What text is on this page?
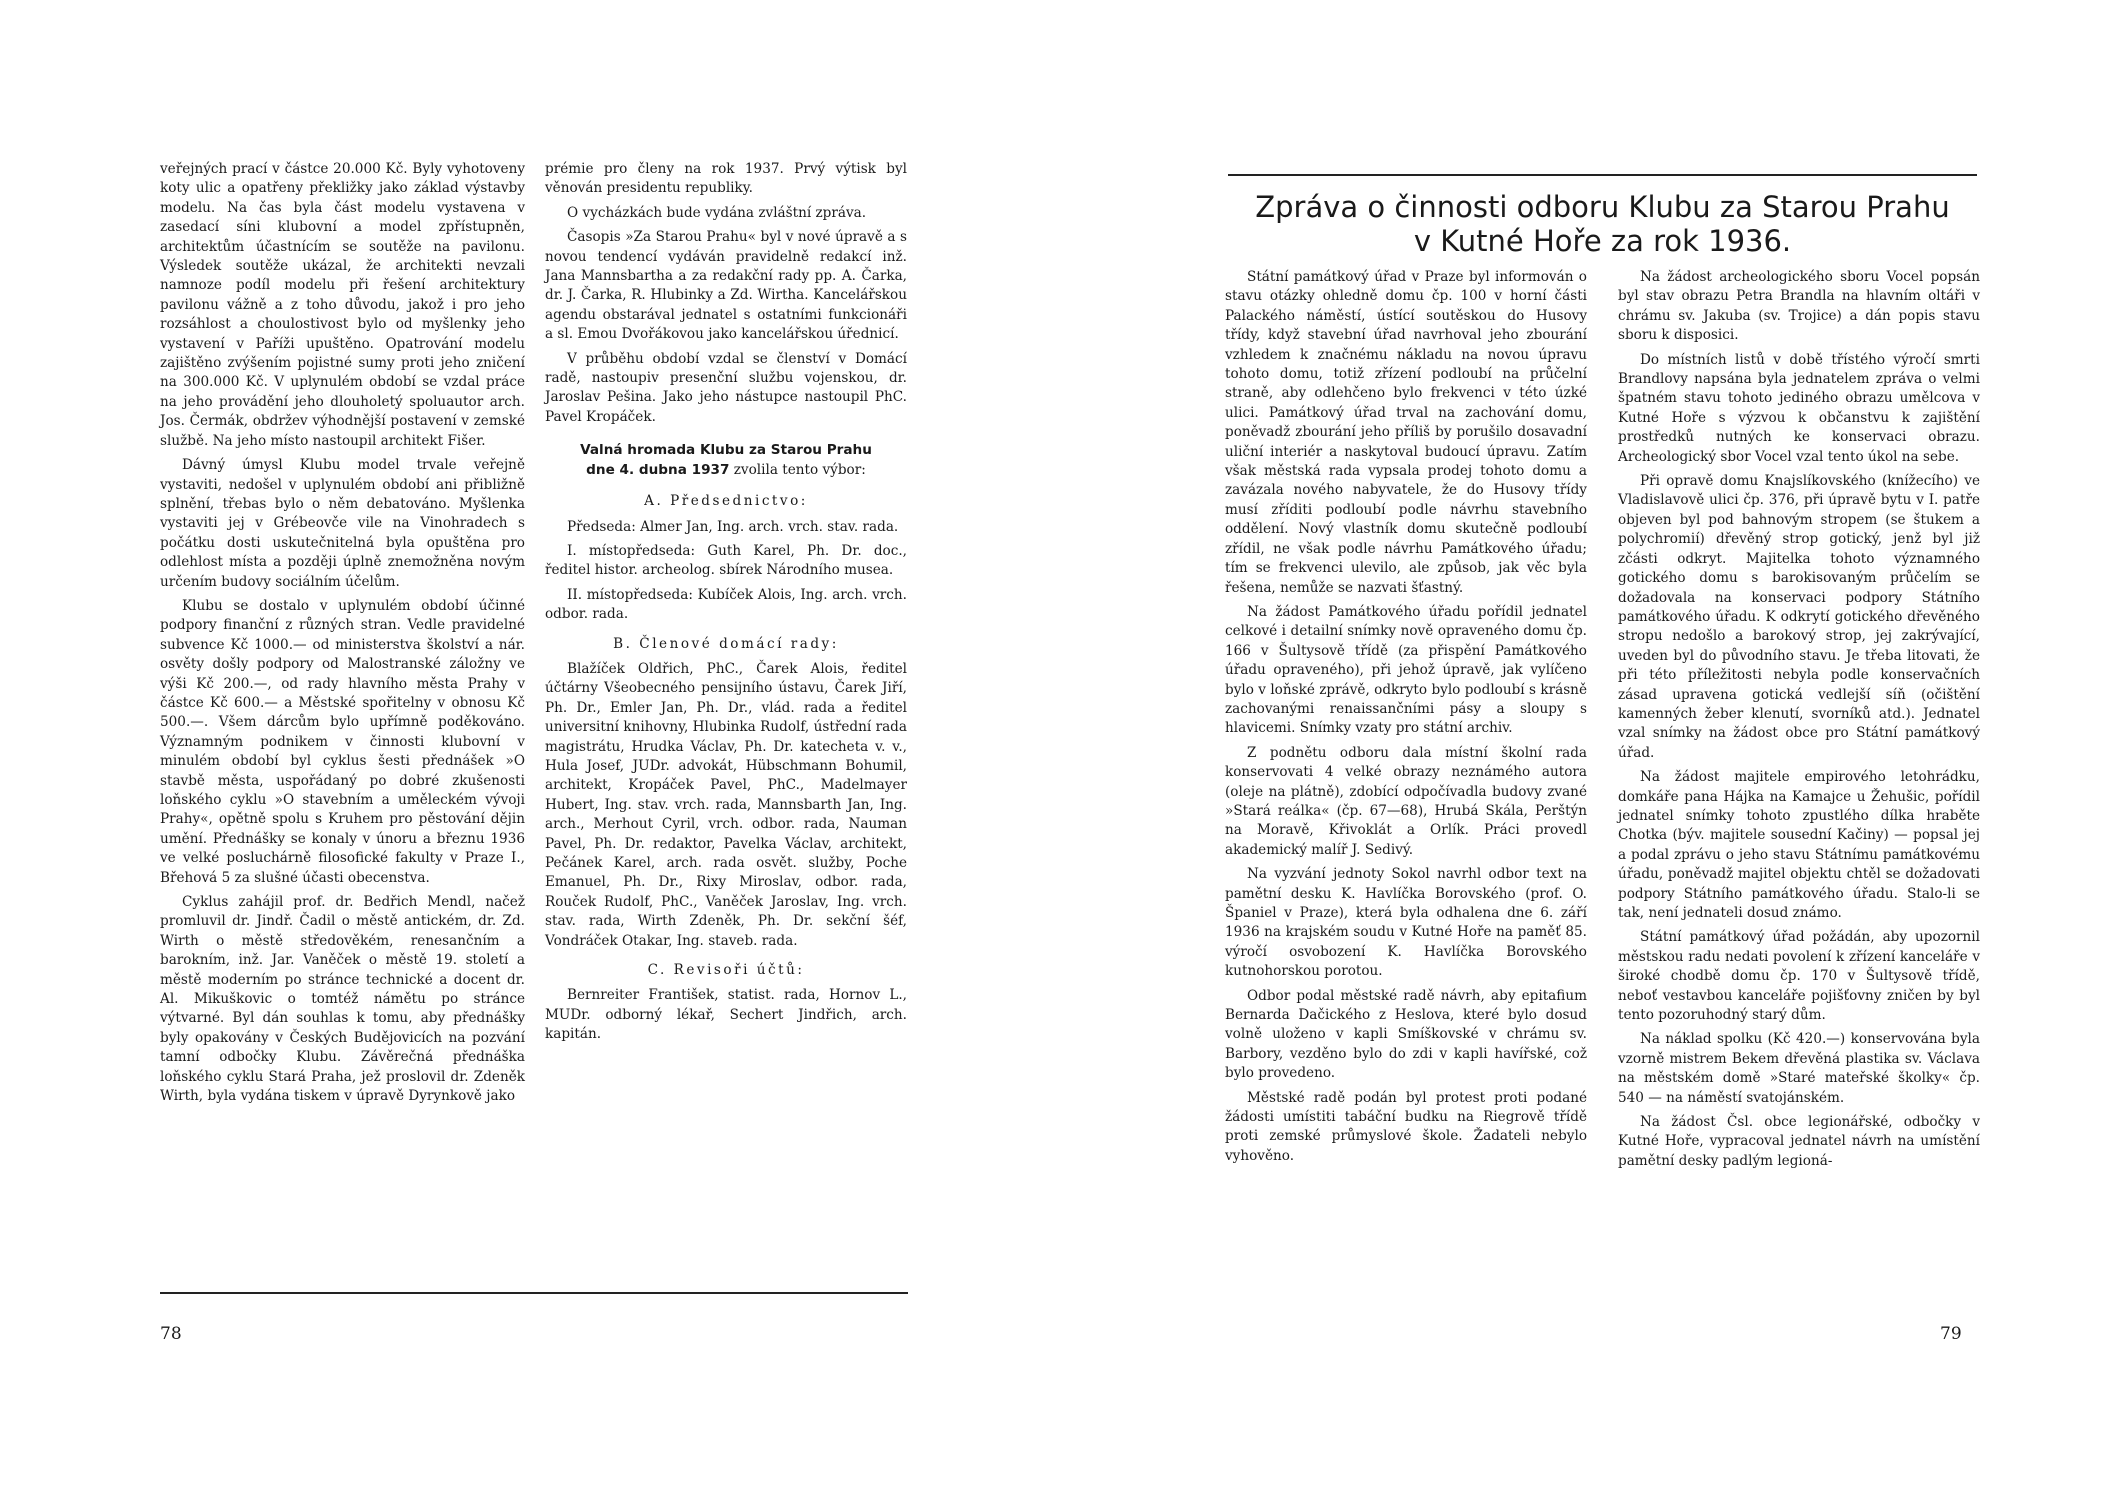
veřejných prací v částce 20.000 Kč. Byly vyhotoveny koty ulic a opatřeny překližky jako základ výstavby modelu. Na čas byla část modelu vystavena v zasedací síni klubovní a model zpřístupněn, architektům účastnícím se soutěže na pavilonu. Výsledek soutěže ukázal, že architekti nevzali namnoze podíl modelu při řešení architektury pavilonu vážně a z toho důvodu, jakož i pro jeho rozsáhlost a choulostivost bylo od myšlenky jeho vystavení v Paříži upuštěno. Opatrování modelu zajištěno zvýšením pojistné sumy proti jeho zničení na 300.000 Kč. V uplynulém období se vzdal práce na jeho provádění jeho dlouholetý spoluautor arch. Jos. Čermák, obdržev výhodnější postavení v zemské službě. Na jeho místo nastoupil architekt Fišer.

Dávný úmysl Klubu model trvale veřejně vystaviti, nedošel v uplynulém období ani přibližně splnění, třebas bylo o něm debatováno. Myšlenka vystaviti jej v Grébeovče vile na Vinohradech s počátku dosti uskutečnitelná byla opuštěna pro odlehlost místa a později úplně znemožněna novým určením budovy sociálním účelům.

Klubu se dostalo v uplynulém období účinné podpory finanční z různých stran. Vedle pravidelné subvence Kč 1000.— od ministerstva školství a nár. osvěty došly podpory od Malostranské záložny ve výši Kč 200.—, od rady hlavního města Prahy v částce Kč 600.— a Městské spořitelny v obnosu Kč 500.—. Všem dárcům bylo upřímně poděkováno. Významným podnikem v činnosti klubovní v minulém období byl cyklus šesti přednášek »O stavbě města, uspořádaný po dobré zkušenosti loňského cyklu »O stavebním a uměleckém vývoji Prahy«, opětně spolu s Kruhem pro pěstování dějin umění. Přednášky se konaly v únoru a březnu 1936 ve velké posluchárně filosofické fakulty v Praze I., Břehová 5 za slušné účasti obecenstva.

Cyklus zahájil prof. dr. Bedřich Mendl, načež promluvil dr. Jindř. Čadil o městě antickém, dr. Zd. Wirth o městě středověkém, renesančním a barokním, inž. Jar. Vaněček o městě 19. století a městě moderním po stránce technické a docent dr. Al. Mikuškovic o tomtéž námětu po stránce výtvarné. Byl dán souhlas k tomu, aby přednášky byly opakovány v Českých Budějovicích na pozvání tamní odbočky Klubu. Závěrečná přednáška loňského cyklu Stará Praha, jež proslovil dr. Zdeněk Wirth, byla vydána tiskem v úpravě Dyrynkově jako

prémie pro členy na rok 1937. Prvý výtisk byl věnován presidentu republiky.

O vycházkách bude vydána zvláštní zpráva.

Časopis »Za Starou Prahu« byl v nové úpravě a s novou tendencí vydáván pravidelně redakcí inž. Jana Mannsbartha a za redakční rady pp. A. Čarka, dr. J. Čarka, R. Hlubinky a Zd. Wirtha. Kancelářskou agendu obstarával jednatel s ostatními funkcionáři a sl. Emou Dvořákovou jako kancelářskou úřednicí.

V průběhu období vzdal se členství v Domácí radě, nastoupiv presenční službu vojenskou, dr. Jaroslav Pešina. Jako jeho nástupce nastoupil PhC. Pavel Kropáček.

Valná hromada Klubu za Starou Prahu
dne 4. dubna 1937 zvolila tento výbor:
A. Předsednictvo:

Předseda: Almer Jan, Ing. arch. vrch. stav. rada.

I. místopředseda: Guth Karel, Ph. Dr. doc., ředitel histor. archeolog. sbírek Národního musea.

II. místopředseda: Kubíček Alois, Ing. arch. vrch. odbor. rada.

B. Členové domácí rady:

Blažíček Oldřich, PhC., Čarek Alois, ředitel účtárny Všeobecného pensijního ústavu, Čarek Jiří, Ph. Dr., Emler Jan, Ph. Dr., vlád. rada a ředitel universitní knihovny, Hlubinka Rudolf, ústřední rada magistrátu, Hrudka Václav, Ph. Dr. katecheta v. v., Hula Josef, JUDr. advokát, Hübschmann Bohumil, architekt, Kropáček Pavel, PhC., Madelmayer Hubert, Ing. stav. vrch. rada, Mannsbarth Jan, Ing. arch., Merhout Cyril, vrch. odbor. rada, Nauman Pavel, Ph. Dr. redaktor, Pavelka Václav, architekt, Pečánek Karel, arch. rada osvět. služby, Poche Emanuel, Ph. Dr., Rixy Miroslav, odbor. rada, Rouček Rudolf, PhC., Vaněček Jaroslav, Ing. vrch. stav. rada, Wirth Zdeněk, Ph. Dr. sekční šéf, Vondráček Otakar, Ing. staveb. rada.

C. Revisoři účtů:

Bernreiter František, statist. rada, Hornov L., MUDr. odborný lékař, Sechert Jindřich, arch. kapitán.

78
Zpráva o činnosti odboru Klubu za Starou Prahu
v Kutné Hoře za rok 1936.

Státní památkový úřad v Praze byl informován o stavu otázky ohledně domu čp. 100 v horní části Palackého náměstí, ústící soutěskou do Husovy třídy, když stavební úřad navrhoval jeho zbourání vzhledem k značnému nákladu na novou úpravu tohoto domu, totiž zřízení podloubí na průčelní straně, aby odlehčeno bylo frekvenci v této úzké ulici. Památkový úřad trval na zachování domu, poněvadž zbourání jeho příliš by porušilo dosavadní uliční interiér a naskytoval budoucí úpravu. Zatím však městská rada vypsala prodej tohoto domu a zavázala nového nabyvatele, že do Husovy třídy musí zříditi podloubí podle návrhu stavebního oddělení. Nový vlastník domu skutečně podloubí zřídil, ne však podle návrhu Památkového úřadu; tím se frekvenci ulevilo, ale způsob, jak věc byla řešena, nemůže se nazvati šťastný.

Na žádost Památkového úřadu pořídil jednatel celkové i detailní snímky nově opraveného domu čp. 166 v Šultysově třídě (za přispění Památkového úřadu opraveného), při jehož úpravě, jak vylíčeno bylo v loňské zprávě, odkryto bylo podloubí s krásně zachovanými renaissančními pásy a sloupy s hlavicemi. Snímky vzaty pro státní archiv.

Z podnětu odboru dala místní školní rada konservovati 4 velké obrazy neznámého autora (oleje na plátně), zdobící odpočívadla budovy zvané »Stará reálka« (čp. 67—68), Hrubá Skála, Perštýn na Moravě, Křivoklát a Orlík. Práci provedl akademický malíř J. Sedivý.

Na vyzvání jednoty Sokol navrhl odbor text na pamětní desku K. Havlíčka Borovského (prof. O. Španiel v Praze), která byla odhalena dne 6. září 1936 na krajském soudu v Kutné Hoře na paměť 85. výročí osvobození K. Havlíčka Borovského kutnohorskou porotou.

Odbor podal městské radě návrh, aby epitafium Bernarda Dačického z Heslova, které bylo dosud volně uloženo v kapli Smíškovské v chrámu sv. Barbory, vezděno bylo do zdi v kapli havířské, což bylo provedeno.

Městské radě podán byl protest proti podané žádosti umístiti tabáční budku na Riegrově třídě proti zemské průmyslové škole. Žadateli nebylo vyhověno.

Na žádost archeologického sboru Vocel popsán byl stav obrazu Petra Brandla na hlavním oltáři v chrámu sv. Jakuba (sv. Trojice) a dán popis stavu sboru k disposici.

Do místních listů v době třístého výročí smrti Brandlovy napsána byla jednatelem zpráva o velmi špatném stavu tohoto jediného obrazu umělcova v Kutné Hoře s výzvou k občanstvu k zajištění prostředků nutných ke konservaci obrazu. Archeologický sbor Vocel vzal tento úkol na sebe.

Při opravě domu Knajslíkovského (knížecího) ve Vladislavově ulici čp. 376, při úpravě bytu v I. patře objeven byl pod bahnovým stropem (se štukem a polychromií) dřevěný strop gotický, jenž byl již zčásti odkryt. Majitelka tohoto významného gotického domu s barokisovaným průčelím se dožadovala na konservaci podpory Státního památkového úřadu. K odkrytí gotického dřevěného stropu nedošlo a barokový strop, jej zakrývající, uveden byl do původního stavu. Je třeba litovati, že při této příležitosti nebyla podle konservačních zásad upravena gotická vedlejší síň (očištění kamenných žeber klenutí, svorníků atd.). Jednatel vzal snímky na žádost obce pro Státní památkový úřad.

Na žádost majitele empirového letohrádku, domkáře pana Hájka na Kamajce u Žehušic, pořídil jednatel snímky tohoto zpustlého dílka hraběte Chotka (býv. majitele sousední Kačiny) — popsal jej a podal zprávu o jeho stavu Státnímu památkovému úřadu, poněvadž majitel objektu chtěl se dožadovati podpory Státního památkového úřadu. Stalo-li se tak, není jednateli dosud známo.

Státní památkový úřad požádán, aby upozornil městskou radu nedati povolení k zřízení kanceláře v široké chodbě domu čp. 170 v Šultysově třídě, neboť vestavbou kanceláře pojišťovny zničen by byl tento pozoruhodný starý dům.

Na náklad spolku (Kč 420.—) konservována byla vzorně mistrem Bekem dřevěná plastika sv. Václava na městském domě »Staré mateřské školky« čp. 540 — na náměstí svatojánském.

Na žádost Čsl. obce legionářské, odbočky v Kutné Hoře, vypracoval jednatel návrh na umístění pamětní desky padlým legioná-

79
